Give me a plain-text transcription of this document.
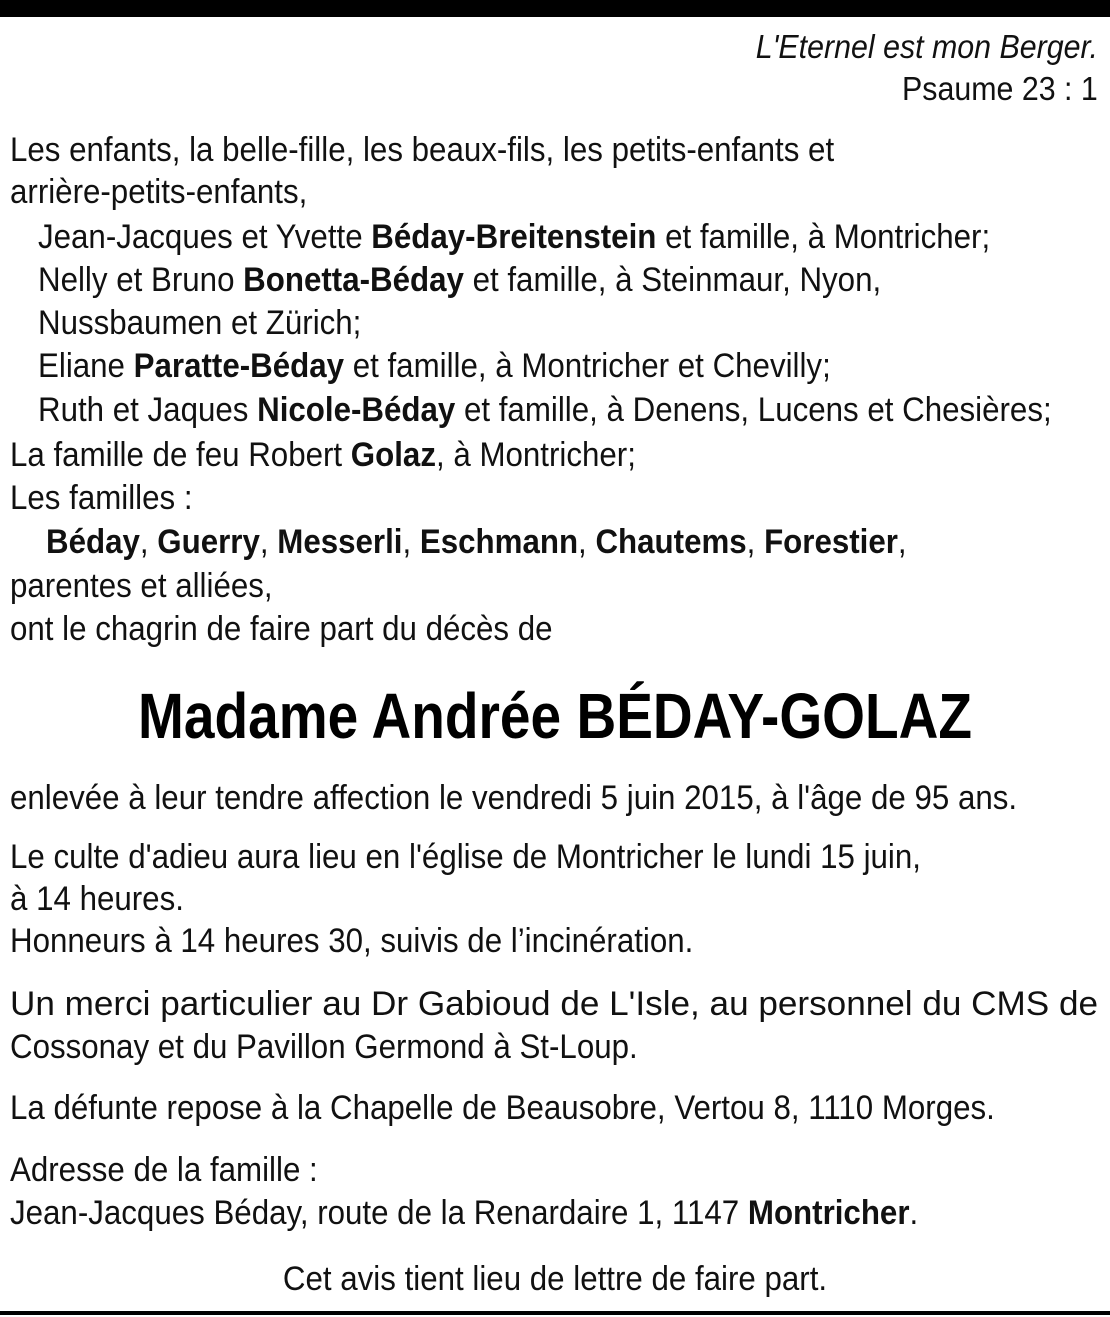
L'Eternel est mon Berger.
Psaume 23 : 1
Les enfants, la belle-fille, les beaux-fils, les petits-enfants et
arrière-petits-enfants,
Jean-Jacques et Yvette Béday-Breitenstein et famille, à Montricher;
Nelly et Bruno Bonetta-Béday et famille, à Steinmaur, Nyon,
Nussbaumen et Zürich;
Eliane Paratte-Béday et famille, à Montricher et Chevilly;
Ruth et Jaques Nicole-Béday et famille, à Denens, Lucens et Chesières;
La famille de feu Robert Golaz, à Montricher;
Les familles :
Béday, Guerry, Messerli, Eschmann, Chautems, Forestier,
parentes et alliées,
ont le chagrin de faire part du décès de
Madame Andrée BÉDAY-GOLAZ
enlevée à leur tendre affection le vendredi 5 juin 2015, à l'âge de 95 ans.
Le culte d'adieu aura lieu en l'église de Montricher le lundi 15 juin,
à 14 heures.
Honneurs à 14 heures 30, suivis de l’incinération.
Un merci particulier au Dr Gabioud de L'Isle, au personnel du CMS de
Cossonay et du Pavillon Germond à St-Loup.
La défunte repose à la Chapelle de Beausobre, Vertou 8, 1110 Morges.
Adresse de la famille :
Jean-Jacques Béday, route de la Renardaire 1, 1147 Montricher.
Cet avis tient lieu de lettre de faire part.
